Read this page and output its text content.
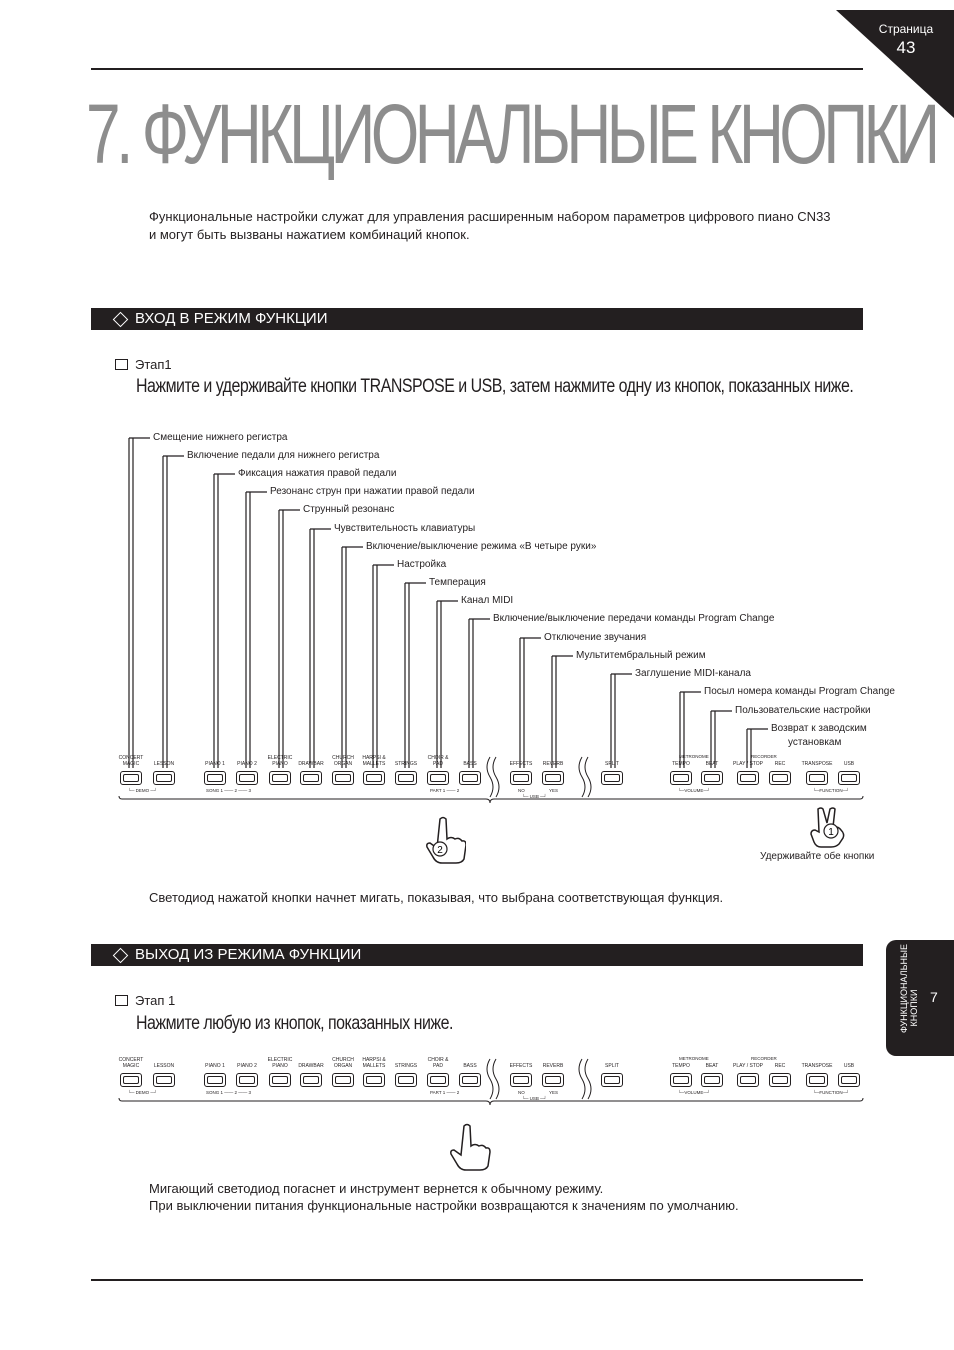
Страница
43
7. ФУНКЦИОНАЛЬНЫЕ КНОПКИ
Функциональные настройки служат для управления расширенным набором параметров цифрового пиано CN33
и могут быть вызваны нажатием комбинаций кнопок.
ВХОД В РЕЖИМ ФУНКЦИИ
Этап1
Нажмите и удерживайте кнопки TRANSPOSE и USB, затем нажмите одну из кнопок, показанных ниже.
Смещение нижнего регистра
Включение педали для нижнего регистра
Фиксация нажатия правой педали
Резонанс струн при нажатии правой педали
Струнный резонанс
Чувствительность клавиатуры
Включение/выключение режима «В четыре руки»
Настройка
Темперация
Канал MIDI
Включение/выключение передачи команды Program Change
Отключение звучания
Мультитембральный режим
Заглушение MIDI-канала
Посыл номера команды Program Change
Пользовательские настройки
Возврат к заводским
установкам
CONCERT
MAGIC	LESSON	PIANO 1	PIANO 2
ELECTRIC
PIANO	DRAWBAR
CHURCH
ORGAN
HARPSI &
MALLETS	STRINGS
CHOIR &
PAD	BASS	EFFECTS	REVERB	SPLIT	TEMPO	BEAT	PLAY / STOP	REC	TRANSPOSE	USB
METRONOME	RECORDER
└─ DEMO ─┘	SONG 1 —— 2 —— 3	PART 1 —— 2	NO	YES
└─ USB ─┘
└─VOLUME─┘	└─FUNCTION─┘
2
1
Удерживайте обе кнопки
Светодиод нажатой кнопки начнет мигать, показывая, что выбрана соответствующая функция.
ВЫХОД ИЗ РЕЖИМА ФУНКЦИИ
Этап 1
Нажмите любую из кнопок, показанных ниже.
CONCERT
MAGIC	LESSON	PIANO 1	PIANO 2
ELECTRIC
PIANO	DRAWBAR
CHURCH
ORGAN
HARPSI &
MALLETS	STRINGS
CHOIR &
PAD	BASS	EFFECTS	REVERB	SPLIT	TEMPO	BEAT	PLAY / STOP	REC	TRANSPOSE	USB
METRONOME	RECORDER
└─ DEMO ─┘	SONG 1 —— 2 —— 3	PART 1 —— 2	NO	YES
└─ USB ─┘
└─VOLUME─┘	└─FUNCTION─┘
Мигающий светодиод погаснет и инструмент вернется к обычному режиму.
При выключении питания функциональные настройки возвращаются к значениям по умолчанию.
ФУНКЦИОНАЛЬНЫЕ КНОПКИ 7
